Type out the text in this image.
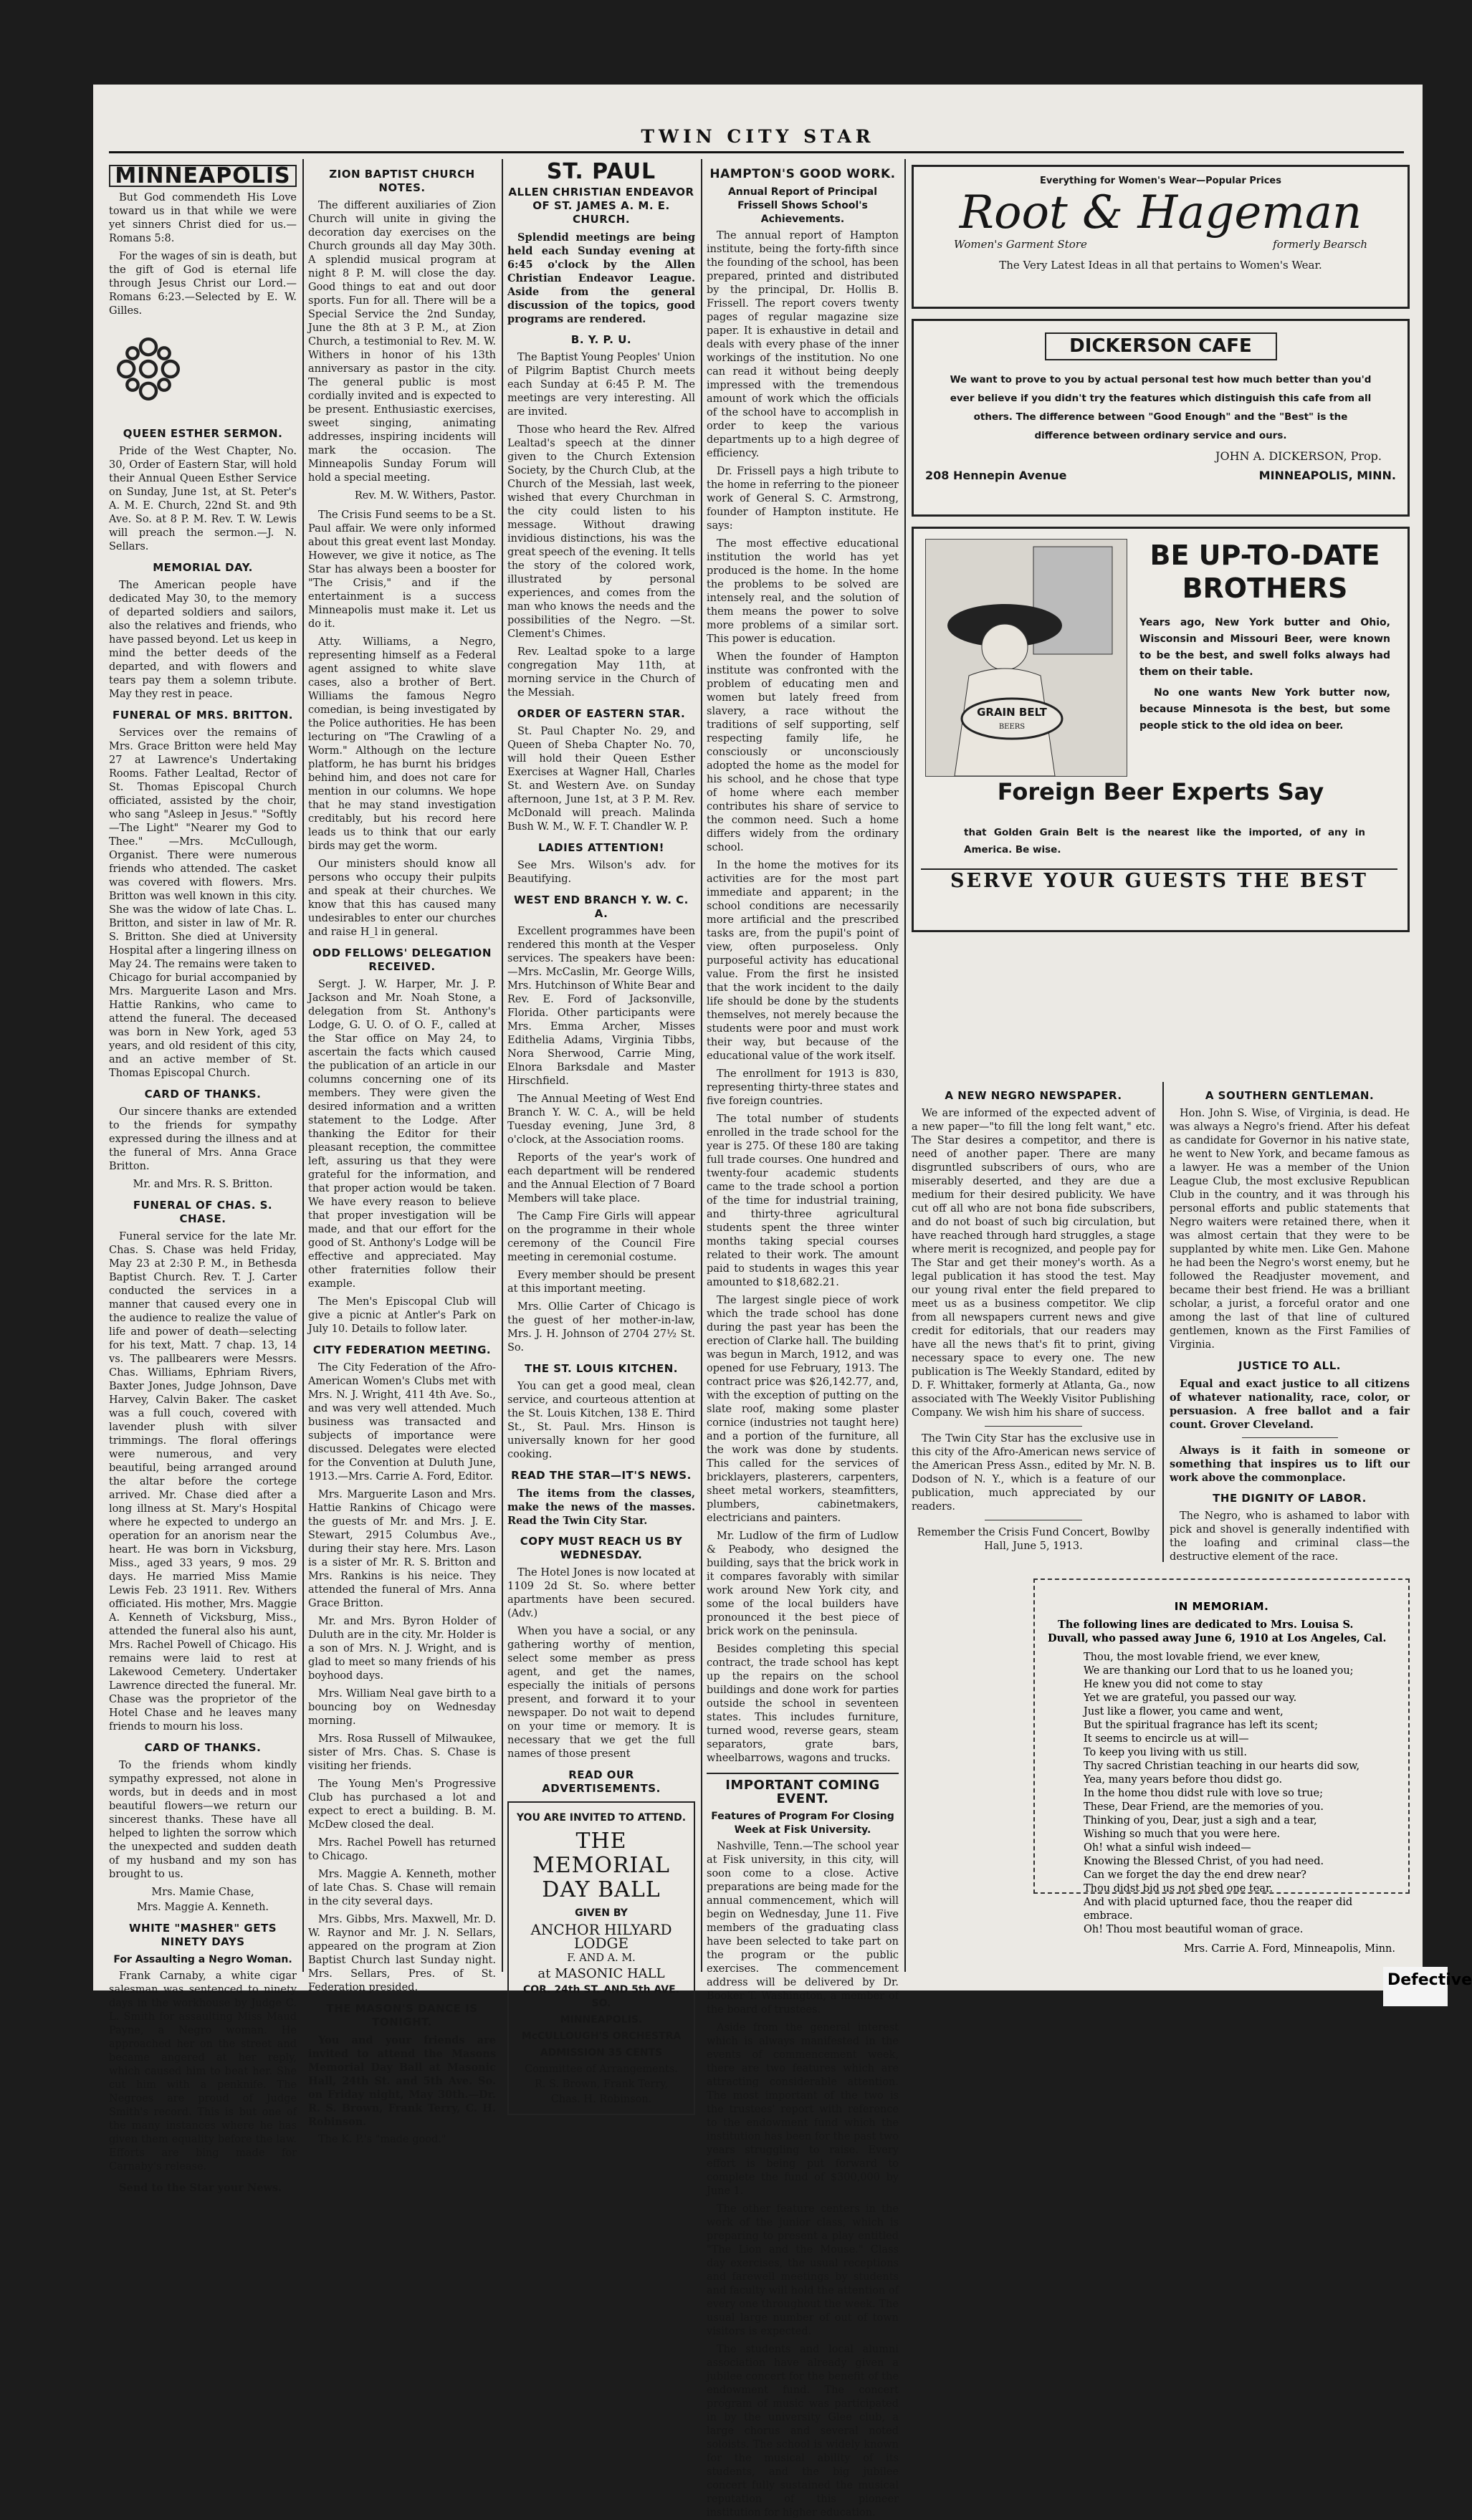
TWIN CITY STAR
MINNEAPOLIS

But God commendeth His Love toward us in that while we were yet sinners Christ died for us.—Romans 5:8.

For the wages of sin is death, but the gift of God is eternal life through Jesus Christ our Lord.—Romans 6:23.—Selected by E. W. Gilles.

QUEEN ESTHER SERMON.

Pride of the West Chapter, No. 30, Order of Eastern Star, will hold their Annual Queen Esther Service on Sunday, June 1st, at St. Peter's A. M. E. Church, 22nd St. and 9th Ave. So. at 8 P. M. Rev. T. W. Lewis will preach the sermon.—J. N. Sellars.

MEMORIAL DAY.

The American people have dedicated May 30, to the memory of departed soldiers and sailors, also the relatives and friends, who have passed beyond. Let us keep in mind the better deeds of the departed, and with flowers and tears pay them a solemn tribute. May they rest in peace.

FUNERAL OF MRS. BRITTON.

Services over the remains of Mrs. Grace Britton were held May 27 at Lawrence's Undertaking Rooms. Father Lealtad, Rector of St. Thomas Episcopal Church officiated, assisted by the choir, who sang "Asleep in Jesus." "Softly—The Light" "Nearer my God to Thee." —Mrs. McCullough, Organist. There were numerous friends who attended. The casket was covered with flowers. Mrs. Britton was well known in this city. She was the widow of late Chas. L. Britton, and sister in law of Mr. R. S. Britton. She died at University Hospital after a lingering illness on May 24. The remains were taken to Chicago for burial accompanied by Mrs. Marguerite Lason and Mrs. Hattie Rankins, who came to attend the funeral. The deceased was born in New York, aged 53 years, and old resident of this city, and an active member of St. Thomas Episcopal Church.

CARD OF THANKS.

Our sincere thanks are extended to the friends for sympathy expressed during the illness and at the funeral of Mrs. Anna Grace Britton.

Mr. and Mrs. R. S. Britton.
FUNERAL OF CHAS. S. CHASE.

Funeral service for the late Mr. Chas. S. Chase was held Friday, May 23 at 2:30 P. M., in Bethesda Baptist Church. Rev. T. J. Carter conducted the services in a manner that caused every one in the audience to realize the value of life and power of death—selecting for his text, Matt. 7 chap. 13, 14 vs. The pallbearers were Messrs. Chas. Williams, Ephriam Rivers, Baxter Jones, Judge Johnson, Dave Harvey, Calvin Baker. The casket was a full couch, covered with lavender plush with silver trimmings. The floral offerings were numerous, and very beautiful, being arranged around the altar before the cortege arrived. Mr. Chase died after a long illness at St. Mary's Hospital where he expected to undergo an operation for an anorism near the heart. He was born in Vicksburg, Miss., aged 33 years, 9 mos. 29 days. He married Miss Mamie Lewis Feb. 23 1911. Rev. Withers officiated. His mother, Mrs. Maggie A. Kenneth of Vicksburg, Miss., attended the funeral also his aunt, Mrs. Rachel Powell of Chicago. His remains were laid to rest at Lakewood Cemetery. Undertaker Lawrence directed the funeral. Mr. Chase was the proprietor of the Hotel Chase and he leaves many friends to mourn his loss.

CARD OF THANKS.

To the friends whom kindly sympathy expressed, not alone in words, but in deeds and in most beautiful flowers—we return our sincerest thanks. These have all helped to lighten the sorrow which the unexpected and sudden death of my husband and my son has brought to us.

Mrs. Mamie Chase,
Mrs. Maggie A. Kenneth.
WHITE "MASHER" GETS NINETY DAYS
For Assaulting a Negro Woman.

Frank Carnaby, a white cigar salesman was sentenced to ninety days in the workhouse by Judge C. L. Smith for assaulting Miss Maud Payne, a Negro woman. He approached her on the street and became angered at her reply, which caused him to beat her. She cut him with a penknife. The Negroes are proud of Judge Smith's record. This is but one of the many instances where he has given them equality before the law. Efforts are bing made for Carnaby's release.

Send to the Star your News.

ZION BAPTIST CHURCH NOTES.

The different auxiliaries of Zion Church will unite in giving the decoration day exercises on the Church grounds all day May 30th. A splendid musical program at night 8 P. M. will close the day. Good things to eat and out door sports. Fun for all. There will be a Special Service the 2nd Sunday, June the 8th at 3 P. M., at Zion Church, a testimonial to Rev. M. W. Withers in honor of his 13th anniversary as pastor in the city. The general public is most cordially invited and is expected to be present. Enthusiastic exercises, sweet singing, animating addresses, inspiring incidents will mark the occasion. The Minneapolis Sunday Forum will hold a special meeting.

Rev. M. W. Withers, Pastor.

The Crisis Fund seems to be a St. Paul affair. We were only informed about this great event last Monday. However, we give it notice, as The Star has always been a booster for "The Crisis," and if the entertainment is a success Minneapolis must make it. Let us do it.

Atty. Williams, a Negro, representing himself as a Federal agent assigned to white slave cases, also a brother of Bert. Williams the famous Negro comedian, is being investigated by the Police authorities. He has been lecturing on "The Crawling of a Worm." Although on the lecture platform, he has burnt his bridges behind him, and does not care for mention in our columns. We hope that he may stand investigation creditably, but his record here leads us to think that our early birds may get the worm.

Our ministers should know all persons who occupy their pulpits and speak at their churches. We know that this has caused many undesirables to enter our churches and raise H_l in general.

ODD FELLOWS' DELEGATION RECEIVED.

Sergt. J. W. Harper, Mr. J. P. Jackson and Mr. Noah Stone, a delegation from St. Anthony's Lodge, G. U. O. of O. F., called at the Star office on May 24, to ascertain the facts which caused the publication of an article in our columns concerning one of its members. They were given the desired information and a written statement to the Lodge. After thanking the Editor for their pleasant reception, the committee left, assuring us that they were grateful for the information, and that proper action would be taken. We have every reason to believe that proper investigation will be made, and that our effort for the good of St. Anthony's Lodge will be effective and appreciated. May other fraternities follow their example.

The Men's Episcopal Club will give a picnic at Antler's Park on July 10. Details to follow later.

CITY FEDERATION MEETING.

The City Federation of the Afro-American Women's Clubs met with Mrs. N. J. Wright, 411 4th Ave. So., and was very well attended. Much business was transacted and subjects of importance were discussed. Delegates were elected for the Convention at Duluth June, 1913.—Mrs. Carrie A. Ford, Editor.

Mrs. Marguerite Lason and Mrs. Hattie Rankins of Chicago were the guests of Mr. and Mrs. J. E. Stewart, 2915 Columbus Ave., during their stay here. Mrs. Lason is a sister of Mr. R. S. Britton and Mrs. Rankins is his neice. They attended the funeral of Mrs. Anna Grace Britton.

Mr. and Mrs. Byron Holder of Duluth are in the city. Mr. Holder is a son of Mrs. N. J. Wright, and is glad to meet so many friends of his boyhood days.

Mrs. William Neal gave birth to a bouncing boy on Wednesday morning.

Mrs. Rosa Russell of Milwaukee, sister of Mrs. Chas. S. Chase is visiting her friends.

The Young Men's Progressive Club has purchased a lot and expect to erect a building. B. M. McDew closed the deal.

Mrs. Rachel Powell has returned to Chicago.

Mrs. Maggie A. Kenneth, mother of late Chas. S. Chase will remain in the city several days.

Mrs. Gibbs, Mrs. Maxwell, Mr. D. W. Raynor and Mr. J. N. Sellars, appeared on the program at Zion Baptist Church last Sunday night. Mrs. Sellars, Pres. of St. Federation presided.

THE MASON'S DANCE IS TONIGHT.

You and your friends are invited to attend the Masons Memorial Day Ball at Masonic Hall, 24th St. and 5th Ave. So. on Friday night, May 30th.—Dr. R. S. Brown, Frank Terry, C. H. Robinson.

The K. P.'s "made good."

ST. PAUL
ALLEN CHRISTIAN ENDEAVOR OF ST. JAMES A. M. E. CHURCH.

Splendid meetings are being held each Sunday evening at 6:45 o'clock by the Allen Christian Endeavor League. Aside from the general discussion of the topics, good programs are rendered.

B. Y. P. U.

The Baptist Young Peoples' Union of Pilgrim Baptist Church meets each Sunday at 6:45 P. M. The meetings are very interesting. All are invited.

Those who heard the Rev. Alfred Lealtad's speech at the dinner given to the Church Extension Society, by the Church Club, at the Church of the Messiah, last week, wished that every Churchman in the city could listen to his message. Without drawing invidious distinctions, his was the great speech of the evening. It tells the story of the colored work, illustrated by personal experiences, and comes from the man who knows the needs and the possibilities of the Negro. —St. Clement's Chimes.

Rev. Lealtad spoke to a large congregation May 11th, at morning service in the Church of the Messiah.

ORDER OF EASTERN STAR.

St. Paul Chapter No. 29, and Queen of Sheba Chapter No. 70, will hold their Queen Esther Exercises at Wagner Hall, Charles St. and Western Ave. on Sunday afternoon, June 1st, at 3 P. M. Rev. McDonald will preach. Malinda Bush W. M., W. F. T. Chandler W. P.

LADIES ATTENTION!

See Mrs. Wilson's adv. for Beautifying.

WEST END BRANCH Y. W. C. A.

Excellent programmes have been rendered this month at the Vesper services. The speakers have been:—Mrs. McCaslin, Mr. George Wills, Mrs. Hutchinson of White Bear and Rev. E. Ford of Jacksonville, Florida. Other participants were Mrs. Emma Archer, Misses Edithelia Adams, Virginia Tibbs, Nora Sherwood, Carrie Ming, Elnora Barksdale and Master Hirschfield.

The Annual Meeting of West End Branch Y. W. C. A., will be held Tuesday evening, June 3rd, 8 o'clock, at the Association rooms.

Reports of the year's work of each department will be rendered and the Annual Election of 7 Board Members will take place.

The Camp Fire Girls will appear on the programme in their whole ceremony of the Council Fire meeting in ceremonial costume.

Every member should be present at this important meeting.

Mrs. Ollie Carter of Chicago is the guest of her mother-in-law, Mrs. J. H. Johnson of 2704 27½ St. So.

THE ST. LOUIS KITCHEN.

You can get a good meal, clean service, and courteous attention at the St. Louis Kitchen, 138 E. Third St., St. Paul. Mrs. Hinson is universally known for her good cooking.

READ THE STAR—IT'S NEWS.

The items from the classes, make the news of the masses. Read the Twin City Star.

COPY MUST REACH US BY WEDNESDAY.

The Hotel Jones is now located at 1109 2d St. So. where better apartments have been secured. (Adv.)

When you have a social, or any gathering worthy of mention, select some member as press agent, and get the names, especially the initials of persons present, and forward it to your newspaper. Do not wait to depend on your time or memory. It is necessary that we get the full names of those present

READ OUR ADVERTISEMENTS.
YOU ARE INVITED TO ATTEND.
THE MEMORIAL DAY BALL
GIVEN BY
ANCHOR HILYARD LODGE
F. AND A. M.
at MASONIC HALL
COR. 24th ST. AND 5th AVE. SO.
MINNEAPOLIS.
McCULLOUGH'S ORCHESTRA
ADMISSION 35 CENTS
Committee of Arrangements.
R. S. Brown, Frank Terry,
Chas. H. Robinson.
HAMPTON'S GOOD WORK.
Annual Report of Principal Frissell Shows School's Achievements.

The annual report of Hampton institute, being the forty-fifth since the founding of the school, has been prepared, printed and distributed by the principal, Dr. Hollis B. Frissell. The report covers twenty pages of regular magazine size paper. It is exhaustive in detail and deals with every phase of the inner workings of the institution. No one can read it without being deeply impressed with the tremendous amount of work which the officials of the school have to accomplish in order to keep the various departments up to a high degree of efficiency.

Dr. Frissell pays a high tribute to the home in referring to the pioneer work of General S. C. Armstrong, founder of Hampton institute. He says:

The most effective educational institution the world has yet produced is the home. In the home the problems to be solved are intensely real, and the solution of them means the power to solve more problems of a similar sort. This power is education.

When the founder of Hampton institute was confronted with the problem of educating men and women but lately freed from slavery, a race without the traditions of self supporting, self respecting family life, he consciously or unconsciously adopted the home as the model for his school, and he chose that type of home where each member contributes his share of service to the common need. Such a home differs widely from the ordinary school.

In the home the motives for its activities are for the most part immediate and apparent; in the school conditions are necessarily more artificial and the prescribed tasks are, from the pupil's point of view, often purposeless. Only purposeful activity has educational value. From the first he insisted that the work incident to the daily life should be done by the students themselves, not merely because the students were poor and must work their way, but because of the educational value of the work itself.

The enrollment for 1913 is 830, representing thirty-three states and five foreign countries.

The total number of students enrolled in the trade school for the year is 275. Of these 180 are taking full trade courses. One hundred and twenty-four academic students came to the trade school a portion of the time for industrial training, and thirty-three agricultural students spent the three winter months taking special courses related to their work. The amount paid to students in wages this year amounted to $18,682.21.

The largest single piece of work which the trade school has done during the past year has been the erection of Clarke hall. The building was begun in March, 1912, and was opened for use February, 1913. The contract price was $26,142.77, and, with the exception of putting on the slate roof, making some plaster cornice (industries not taught here) and a portion of the furniture, all the work was done by students. This called for the services of bricklayers, plasterers, carpenters, sheet metal workers, steamfitters, plumbers, cabinetmakers, electricians and painters.

Mr. Ludlow of the firm of Ludlow & Peabody, who designed the building, says that the brick work in it compares favorably with similar work around New York city, and some of the local builders have pronounced it the best piece of brick work on the peninsula.

Besides completing this special contract, the trade school has kept up the repairs on the school buildings and done work for parties outside the school in seventeen states. This includes furniture, turned wood, reverse gears, steam separators, grate bars, wheelbarrows, wagons and trucks.

IMPORTANT COMING EVENT.
Features of Program For Closing Week at Fisk University.

Nashville, Tenn.—The school year at Fisk university, in this city, will soon come to a close. Active preparations are being made for the annual commencement, which will begin on Wednesday, June 11. Five members of the graduating class have been selected to take part on the program or the public exercises. The commencement address will be delivered by Dr. Booker T. Washington, a member of the board of trustees.

Aside from the general interest which is always manifested in the events of commencement week, there are two features which are attracting considerable attention. The most important of the two is the trustees' report with reference to the endowment fund which the institution has been for the past two years struggling to raise. Every effort is being put forward to complete the fund of $300,000 by June 1.

The other feature centers in the work of the junior class, which is preparing to present a play entitled "The Lion and the Mouse." Class day exercises, the usual receptions and farewell meetings by students and faculty will hold the attention of every one throughout the week. The usual large number of out of town visitors is expected.

The students and local alumni association have already given a jubilee concert for the benefit of the endowment fund. The concert program of music was participated in by the university Glee club, a large chorus and several noted soloists. The school is widely known for the musical ability of its students, and the big jubilee concert fully sustained the musical reputation of this pioneer institution for higher education.

Everything for Women's Wear—Popular Prices
Root & Hageman
Women's Garment Store	formerly Bearsch
The Very Latest Ideas in all that pertains to Women's Wear.
DICKERSON CAFE

We want to prove to you by actual personal test how much better than you'd ever believe if you didn't try the features which distinguish this cafe from all others. The difference between "Good Enough" and the "Best" is the difference between ordinary service and ours.

JOHN A. DICKERSON, Prop.
208 Hennepin Avenue	MINNEAPOLIS, MINN.
GRAIN BELT
BEERS
BE UP-TO-DATE BROTHERS

Years ago, New York butter and Ohio, Wisconsin and Missouri Beer, were known to be the best, and swell folks always had them on their table.

No one wants New York butter now, because Minnesota is the best, but some people stick to the old idea on beer.

Foreign Beer Experts Say

that Golden Grain Belt is the nearest like the imported, of any in America. Be wise.

SERVE YOUR GUESTS THE BEST
A NEW NEGRO NEWSPAPER.

We are informed of the expected advent of a new paper—"to fill the long felt want," etc. The Star desires a competitor, and there is need of another paper. There are many disgruntled subscribers of ours, who are miserably deserted, and they are due a medium for their desired publicity. We have cut off all who are not bona fide subscribers, and do not boast of such big circulation, but have reached through hard struggles, a stage where merit is recognized, and people pay for The Star and get their money's worth. As a legal publication it has stood the test. May our young rival enter the field prepared to meet us as a business competitor. We clip from all newspapers current news and give credit for editorials, that our readers may have all the news that's fit to print, giving necessary space to every one. The new publication is The Weekly Standard, edited by D. F. Whittaker, formerly at Atlanta, Ga., now associated with The Weekly Visitor Publishing Company. We wish him his share of success.

The Twin City Star has the exclusive use in this city of the Afro-American news service of the American Press Assn., edited by Mr. N. B. Dodson of N. Y., which is a feature of our publication, much appreciated by our readers.

Remember the Crisis Fund Concert, Bowlby Hall, June 5, 1913.

A SOUTHERN GENTLEMAN.

Hon. John S. Wise, of Virginia, is dead. He was always a Negro's friend. After his defeat as candidate for Governor in his native state, he went to New York, and became famous as a lawyer. He was a member of the Union League Club, the most exclusive Republican Club in the country, and it was through his personal efforts and public statements that Negro waiters were retained there, when it was almost certain that they were to be supplanted by white men. Like Gen. Mahone he had been the Negro's worst enemy, but he followed the Readjuster movement, and became their best friend. He was a brilliant scholar, a jurist, a forceful orator and one among the last of that line of cultured gentlemen, known as the First Families of Virginia.

JUSTICE TO ALL.

Equal and exact justice to all citizens of whatever nationality, race, color, or persuasion. A free ballot and a fair count. Grover Cleveland.

Always is it faith in someone or something that inspires us to lift our work above the commonplace.

THE DIGNITY OF LABOR.

The Negro, who is ashamed to labor with pick and shovel is generally indentified with the loafing and criminal class—the destructive element of the race.

IN MEMORIAM.

The following lines are dedicated to Mrs. Louisa S. Duvall, who passed away June 6, 1910 at Los Angeles, Cal.

Thou, the most lovable friend, we ever knew,

We are thanking our Lord that to us he loaned you;

He knew you did not come to stay

Yet we are grateful, you passed our way.

Just like a flower, you came and went,

But the spiritual fragrance has left its scent;

It seems to encircle us at will—

To keep you living with us still.

Thy sacred Christian teaching in our hearts did sow,

Yea, many years before thou didst go.

In the home thou didst rule with love so true;

These, Dear Friend, are the memories of you.

Thinking of you, Dear, just a sigh and a tear,

Wishing so much that you were here.

Oh! what a sinful wish indeed—

Knowing the Blessed Christ, of you had need.

Can we forget the day the end drew near?

Thou didst bid us not shed one tear.

And with placid upturned face, thou the reaper did embrace.

Oh! Thou most beautiful woman of grace.

Mrs. Carrie A. Ford, Minneapolis, Minn.
Defective
